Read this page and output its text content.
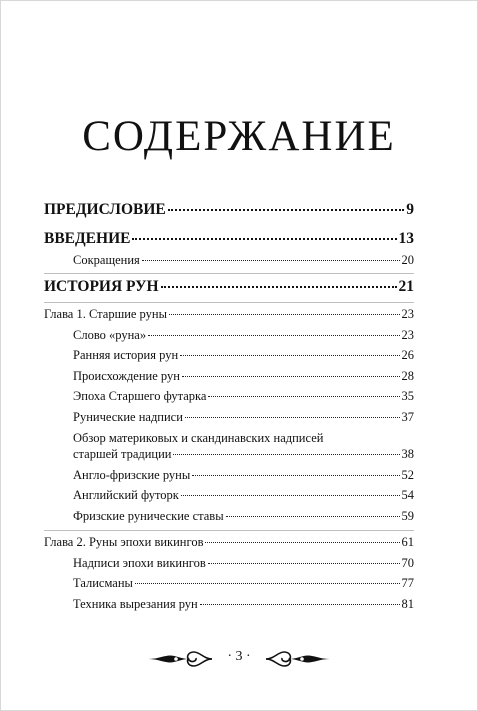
СОДЕРЖАНИЕ
ПРЕДИСЛОВИЕ	9
ВВЕДЕНИЕ	13
Сокращения	20
ИСТОРИЯ РУН	21
Глава 1. Старшие руны	23
Слово «руна»	23
Ранняя история рун	26
Происхождение рун	28
Эпоха Старшего футарка	35
Рунические надписи	37
Обзор материковых и скандинавских надписей
старшей традиции	38
Англо-фризские руны	52
Английский футорк	54
Фризские рунические ставы	59
Глава 2. Руны эпохи викингов	61
Надписи эпохи викингов	70
Талисманы	77
Техника вырезания рун	81
· 3 ·
